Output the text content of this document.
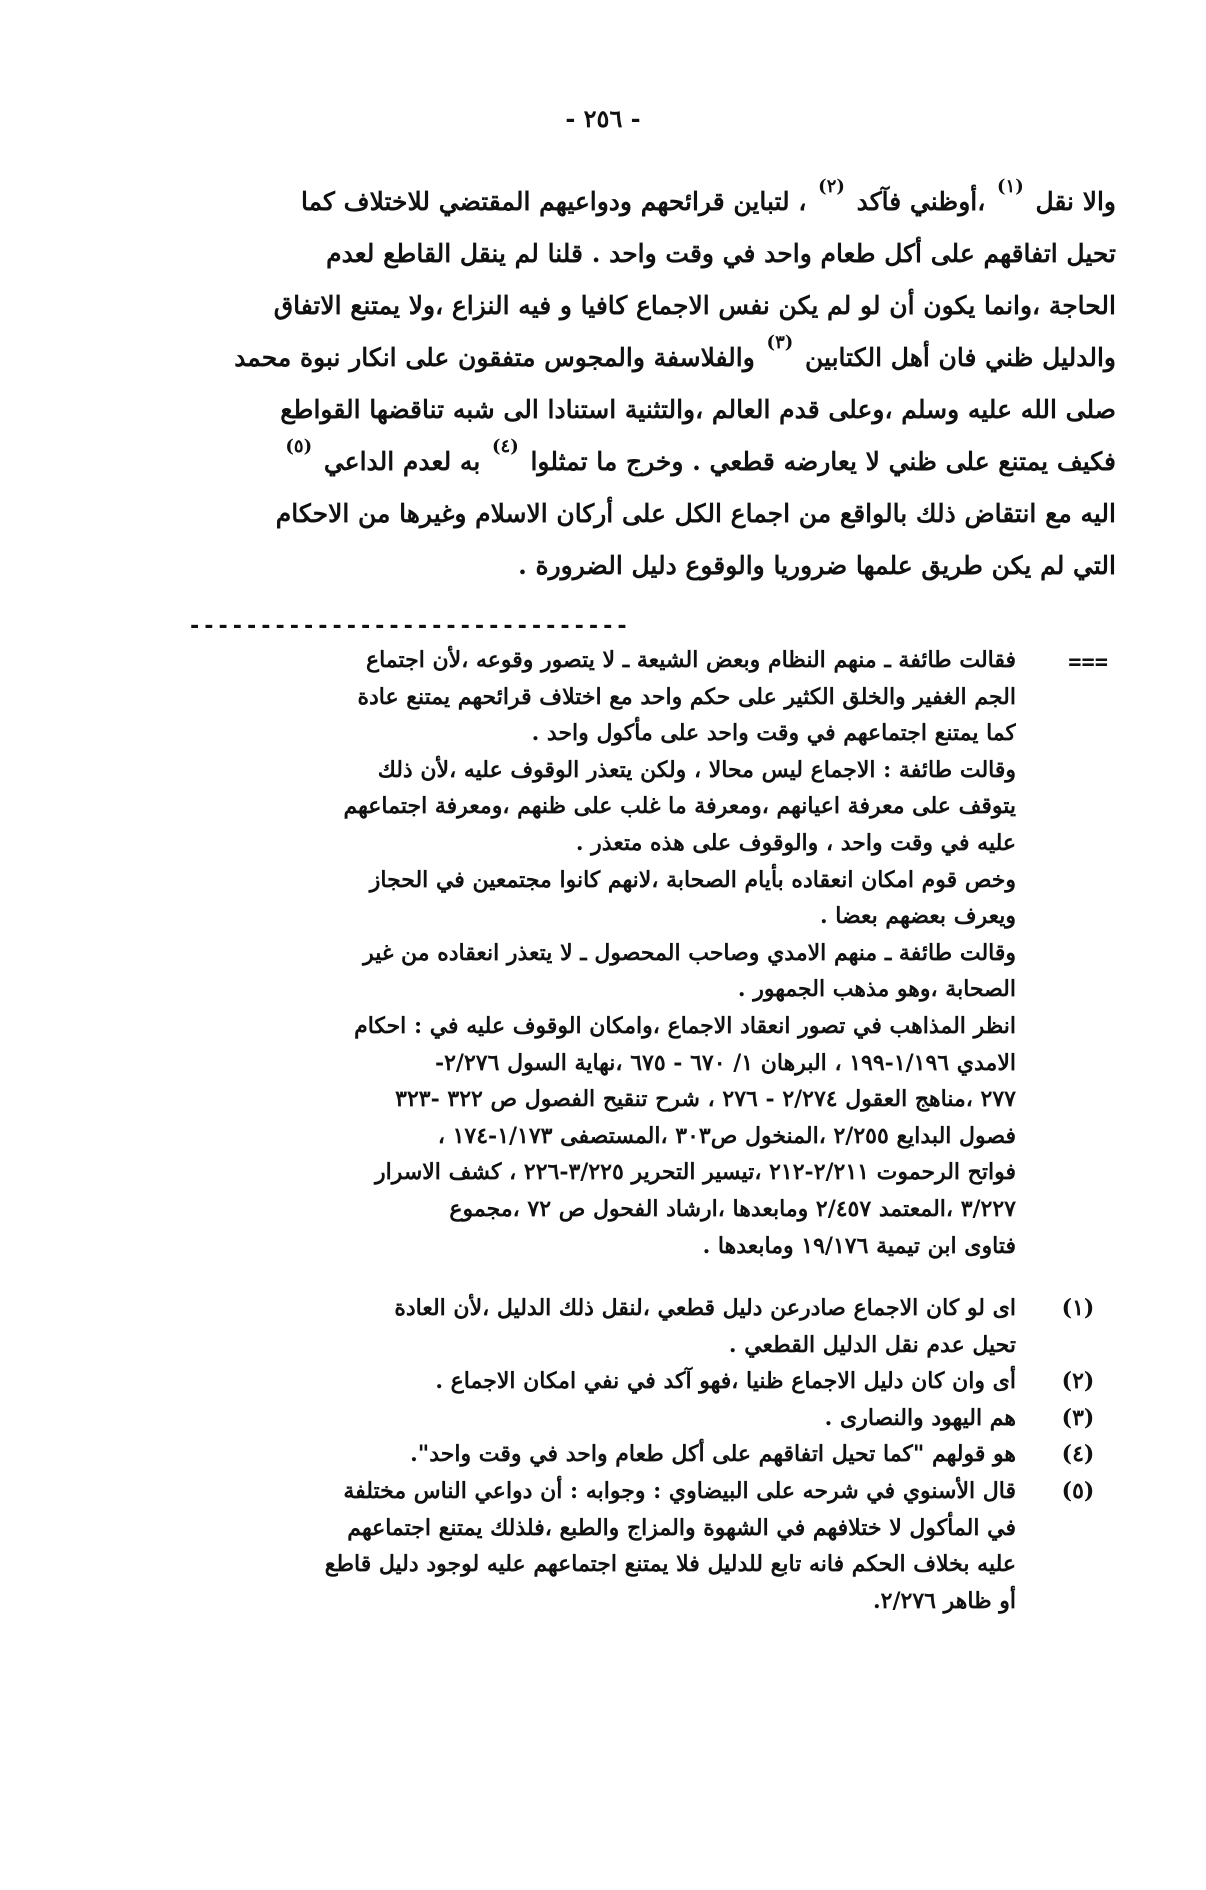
- ٢٥٦ -
والا نقل $^{(١)}$ ،أوظني فآكد $^{(٢)}$ ، لتباين قرائحهم ودواعيهم المقتضي للاختلاف كما
تحيل اتفاقهم على أكل طعام واحد في وقت واحد . قلنا لم ينقل القاطع لعدم
الحاجة ،وانما يكون أن لو لم يكن نفس الاجماع كافيا و فيه النزاع ،ولا يمتنع الاتفاق
والدليل ظني فان أهل الكتابين $^{(٣)}$ والفلاسفة والمجوس متفقون على انكار نبوة محمد
صلى الله عليه وسلم ،وعلى قدم العالم ،والتثنية استنادا الى شبه تناقضها القواطع
فكيف يمتنع على ظني لا يعارضه قطعي . وخرج ما تمثلوا $^{(٤)}$ به لعدم الداعي $^{(٥)}$
اليه مع انتقاض ذلك بالواقع من اجماع الكل على أركان الاسلام وغيرها من الاحكام
التي لم يكن طريق علمها ضروريا والوقوع دليل الضرورة .
-------------------------------
===
فقالت طائفة ـ منهم النظام وبعض الشيعة ـ لا يتصور وقوعه ،لأن اجتماع
الجم الغفير والخلق الكثير على حكم واحد مع اختلاف قرائحهم يمتنع عادة
كما يمتنع اجتماعهم في وقت واحد على مأكول واحد .
وقالت طائفة : الاجماع ليس محالا ، ولكن يتعذر الوقوف عليه ،لأن ذلك
يتوقف على معرفة اعيانهم ،ومعرفة ما غلب على ظنهم ،ومعرفة اجتماعهم
عليه في وقت واحد ، والوقوف على هذه متعذر .
وخص قوم امكان انعقاده بأيام الصحابة ،لانهم كانوا مجتمعين في الحجاز
ويعرف بعضهم بعضا .
وقالت طائفة ـ منهم الامدي وصاحب المحصول ـ لا يتعذر انعقاده من غير
الصحابة ،وهو مذهب الجمهور .
انظر المذاهب في تصور انعقاد الاجماع ،وامكان الوقوف عليه في : احكام
الامدي ١/١٩٦-١٩٩ ، البرهان ١/ ٦٧٠ - ٦٧٥ ،نهاية السول ٢/٢٧٦-
٢٧٧ ،مناهج العقول ٢/٢٧٤ - ٢٧٦ ، شرح تنقيح الفصول ص ٣٢٢ -٣٢٣
فصول البدايع ٢/٢٥٥ ،المنخول ص٣٠٣ ،المستصفى ١/١٧٣-١٧٤ ،
فواتح الرحموت ٢/٢١١-٢١٢ ،تيسير التحرير ٣/٢٢٥-٢٢٦ ، كشف الاسرار
٣/٢٢٧ ،المعتمد ٢/٤٥٧ ومابعدها ،ارشاد الفحول ص ٧٢ ،مجموع
فتاوى ابن تيمية ١٩/١٧٦ ومابعدها .
(١)
اى لو كان الاجماع صادرعن دليل قطعي ،لنقل ذلك الدليل ،لأن العادة
تحيل عدم نقل الدليل القطعي .
(٢)
أى وان كان دليل الاجماع ظنيا ،فهو آكد في نفي امكان الاجماع .
(٣)
هم اليهود والنصارى .
(٤)
هو قولهم "كما تحيل اتفاقهم على أكل طعام واحد في وقت واحد".
(٥)
قال الأسنوي في شرحه على البيضاوي : وجوابه : أن دواعي الناس مختلفة
في المأكول لا ختلافهم في الشهوة والمزاج والطبع ،فلذلك يمتنع اجتماعهم
عليه بخلاف الحكم فانه تابع للدليل فلا يمتنع اجتماعهم عليه لوجود دليل قاطع
أو ظاهر ٢/٢٧٦.
